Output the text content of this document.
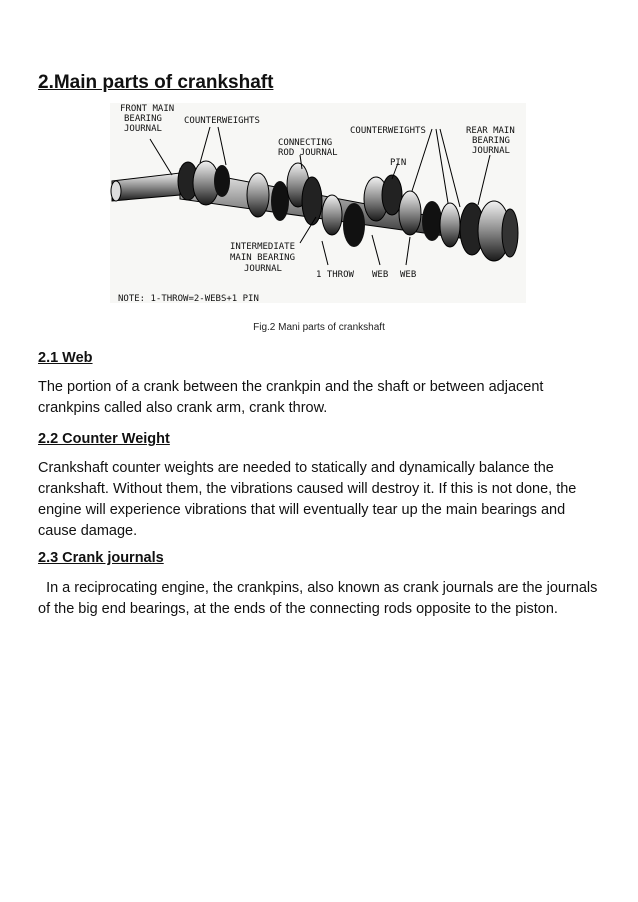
2.Main parts of crankshaft
FRONT MAIN BEARING JOURNAL
COUNTERWEIGHTS
CONNECTING ROD JOURNAL
COUNTERWEIGHTS	REAR MAIN BEARING JOURNAL
PIN
INTERMEDIATE MAIN BEARING JOURNAL
1 THROW WEB WEB
NOTE: 1-THROW=2-WEBS+1 PIN
Fig.2 Mani parts of crankshaft
2.1 Web

The portion of a crank between the crankpin and the shaft or between adjacent crankpins called also crank arm, crank throw.

2.2 Counter Weight

Crankshaft counter weights are needed to statically and dynamically balance the crankshaft. Without them, the vibrations caused will destroy it. If this is not done, the engine will experience vibrations that will eventually tear up the main bearings and cause damage.

2.3 Crank journals

In a reciprocating engine, the crankpins, also known as crank journals are the journals of the big end bearings, at the ends of the connecting rods opposite to the piston.
